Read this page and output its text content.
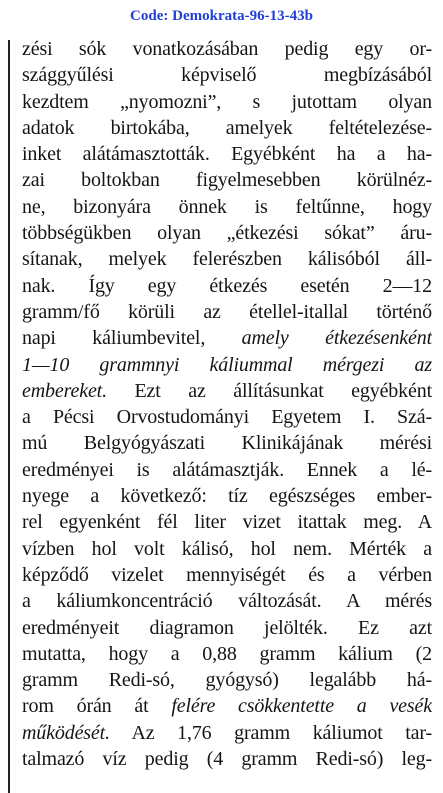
Code: Demokrata-96-13-43b
zési sók vonatkozásában pedig egy or-
szággyűlési képviselő megbízásából
kezdtem „nyomozni”, s jutottam olyan
adatok birtokába, amelyek feltételezése-
inket alátámasztották. Egyébként ha a ha-
zai boltokban figyelmesebben körülnéz-
ne, bizonyára önnek is feltűnne, hogy
többségükben olyan „étkezési sókat” áru-
sítanak, melyek felerészben kálisóból áll-
nak. Így egy étkezés esetén 2—12
gramm/fő körüli az étellel-itallal történő
napi káliumbevitel, amely étkezésenként
1—10 grammnyi káliummal mérgezi az
embereket. Ezt az állításunkat egyébként
a Pécsi Orvostudományi Egyetem I. Szá-
mú Belgyógyászati Klinikájának mérési
eredményei is alátámasztják. Ennek a lé-
nyege a következő: tíz egészséges ember-
rel egyenként fél liter vizet itattak meg. A
vízben hol volt kálisó, hol nem. Mérték a
képződő vizelet mennyiségét és a vérben
a káliumkoncentráció változását. A mérés
eredményeit diagramon jelölték. Ez azt
mutatta, hogy a 0,88 gramm kálium (2
gramm Redi-só, gyógysó) legalább há-
rom órán át felére csökkentette a vesék
működését. Az 1,76 gramm káliumot tar-
talmazó víz pedig (4 gramm Redi-só) leg-
